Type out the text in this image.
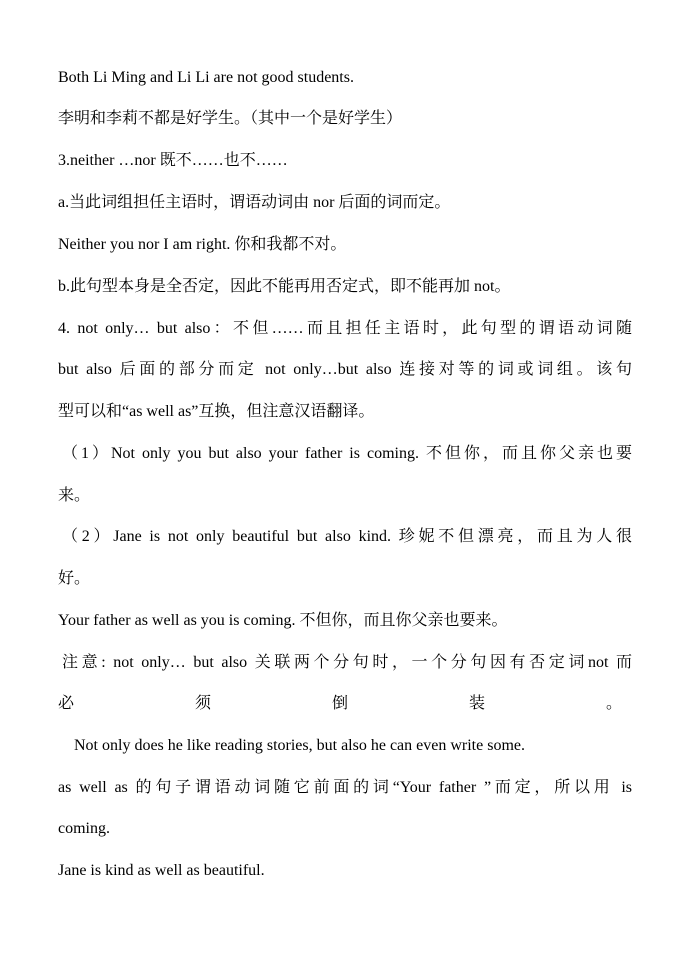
Both Li Ming and Li Li are not good students.
李明和李莉不都是好学生。（其中一个是好学生）
3.neither …nor 既不……也不……
a.当此词组担任主语时，谓语动词由 nor 后面的词而定。
Neither you nor I am right. 你和我都不对。
b.此句型本身是全否定，因此不能再用否定式，即不能再加 not。
4. not only… but also：不但……而且担任主语时，此句型的谓语动词随
but also 后面的部分而定 not only…but also 连接对等的词或词组。该句
型可以和“as well as”互换，但注意汉语翻译。
（1）Not only you but also your father is coming. 不但你，而且你父亲也要
来。
（2）Jane is not only beautiful but also kind. 珍妮不但漂亮，而且为人很
好。
Your father as well as you is coming. 不但你，而且你父亲也要来。
注意: not only… but also 关联两个分句时，一个分句因有否定词not 而
必	须	倒	装	。
Not only does he like reading stories, but also he can even write some.
as well as 的句子谓语动词随它前面的词“Your father ”而定，所以用 is
coming.
Jane is kind as well as beautiful.
